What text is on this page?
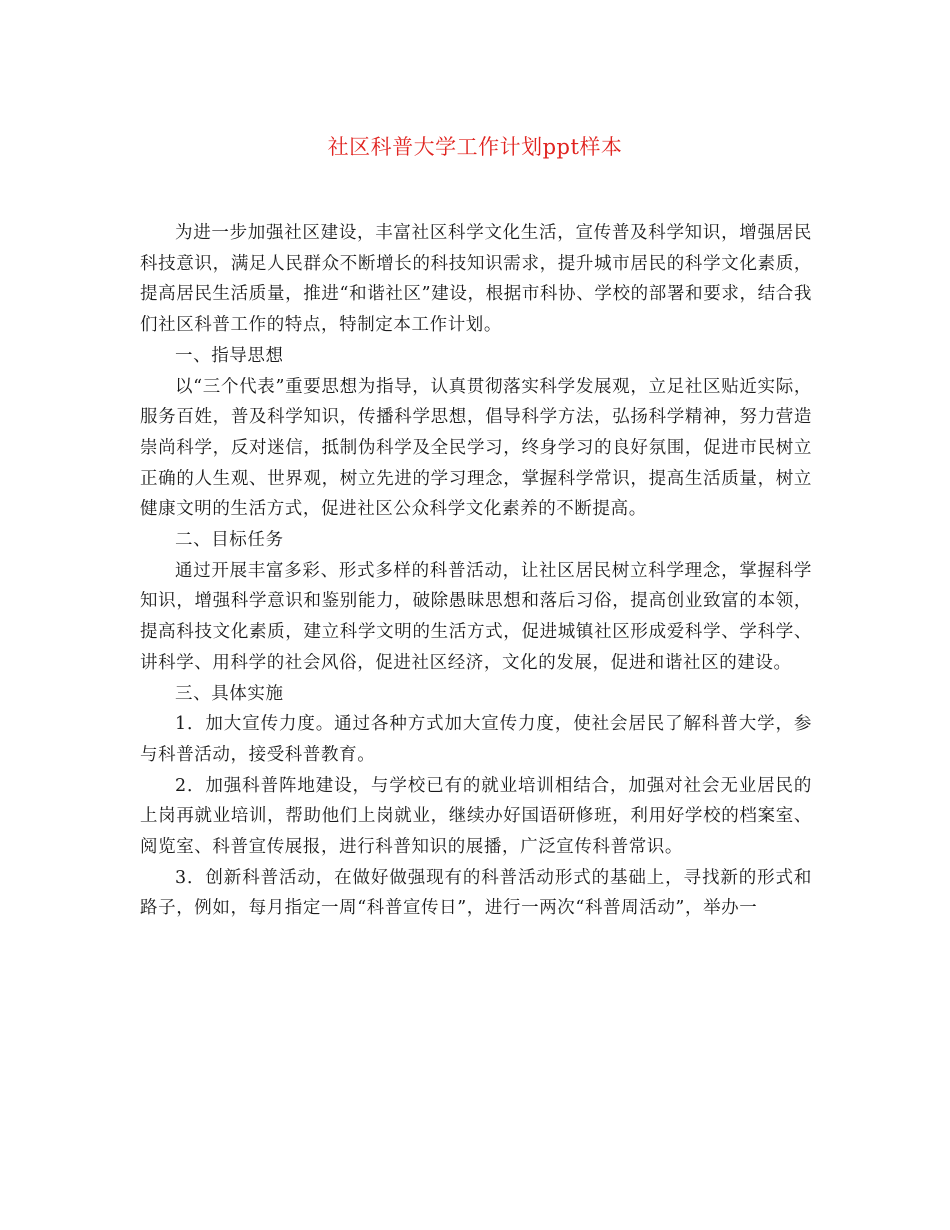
社区科普大学工作计划ppt样本

为进一步加强社区建设，丰富社区科学文化生活，宣传普及科学知识，增强居民科技意识，满足人民群众不断增长的科技知识需求，提升城市居民的科学文化素质，提高居民生活质量，推进“和谐社区”建设，根据市科协、学校的部署和要求，结合我们社区科普工作的特点，特制定本工作计划。

一、指导思想

以“三个代表”重要思想为指导，认真贯彻落实科学发展观，立足社区贴近实际，服务百姓，普及科学知识，传播科学思想，倡导科学方法，弘扬科学精神，努力营造崇尚科学，反对迷信，抵制伪科学及全民学习，终身学习的良好氛围，促进市民树立正确的人生观、世界观，树立先进的学习理念，掌握科学常识，提高生活质量，树立健康文明的生活方式，促进社区公众科学文化素养的不断提高。

二、目标任务

通过开展丰富多彩、形式多样的科普活动，让社区居民树立科学理念，掌握科学知识，增强科学意识和鉴别能力，破除愚昧思想和落后习俗，提高创业致富的本领，提高科技文化素质，建立科学文明的生活方式，促进城镇社区形成爱科学、学科学、讲科学、用科学的社会风俗，促进社区经济，文化的发展，促进和谐社区的建设。

三、具体实施

1．加大宣传力度。通过各种方式加大宣传力度，使社会居民了解科普大学，参与科普活动，接受科普教育。

2．加强科普阵地建设，与学校已有的就业培训相结合，加强对社会无业居民的上岗再就业培训，帮助他们上岗就业，继续办好国语研修班，利用好学校的档案室、阅览室、科普宣传展报，进行科普知识的展播，广泛宣传科普常识。

3．创新科普活动，在做好做强现有的科普活动形式的基础上，寻找新的形式和路子，例如，每月指定一周“科普宣传日”，进行一两次“科普周活动”，举办一
